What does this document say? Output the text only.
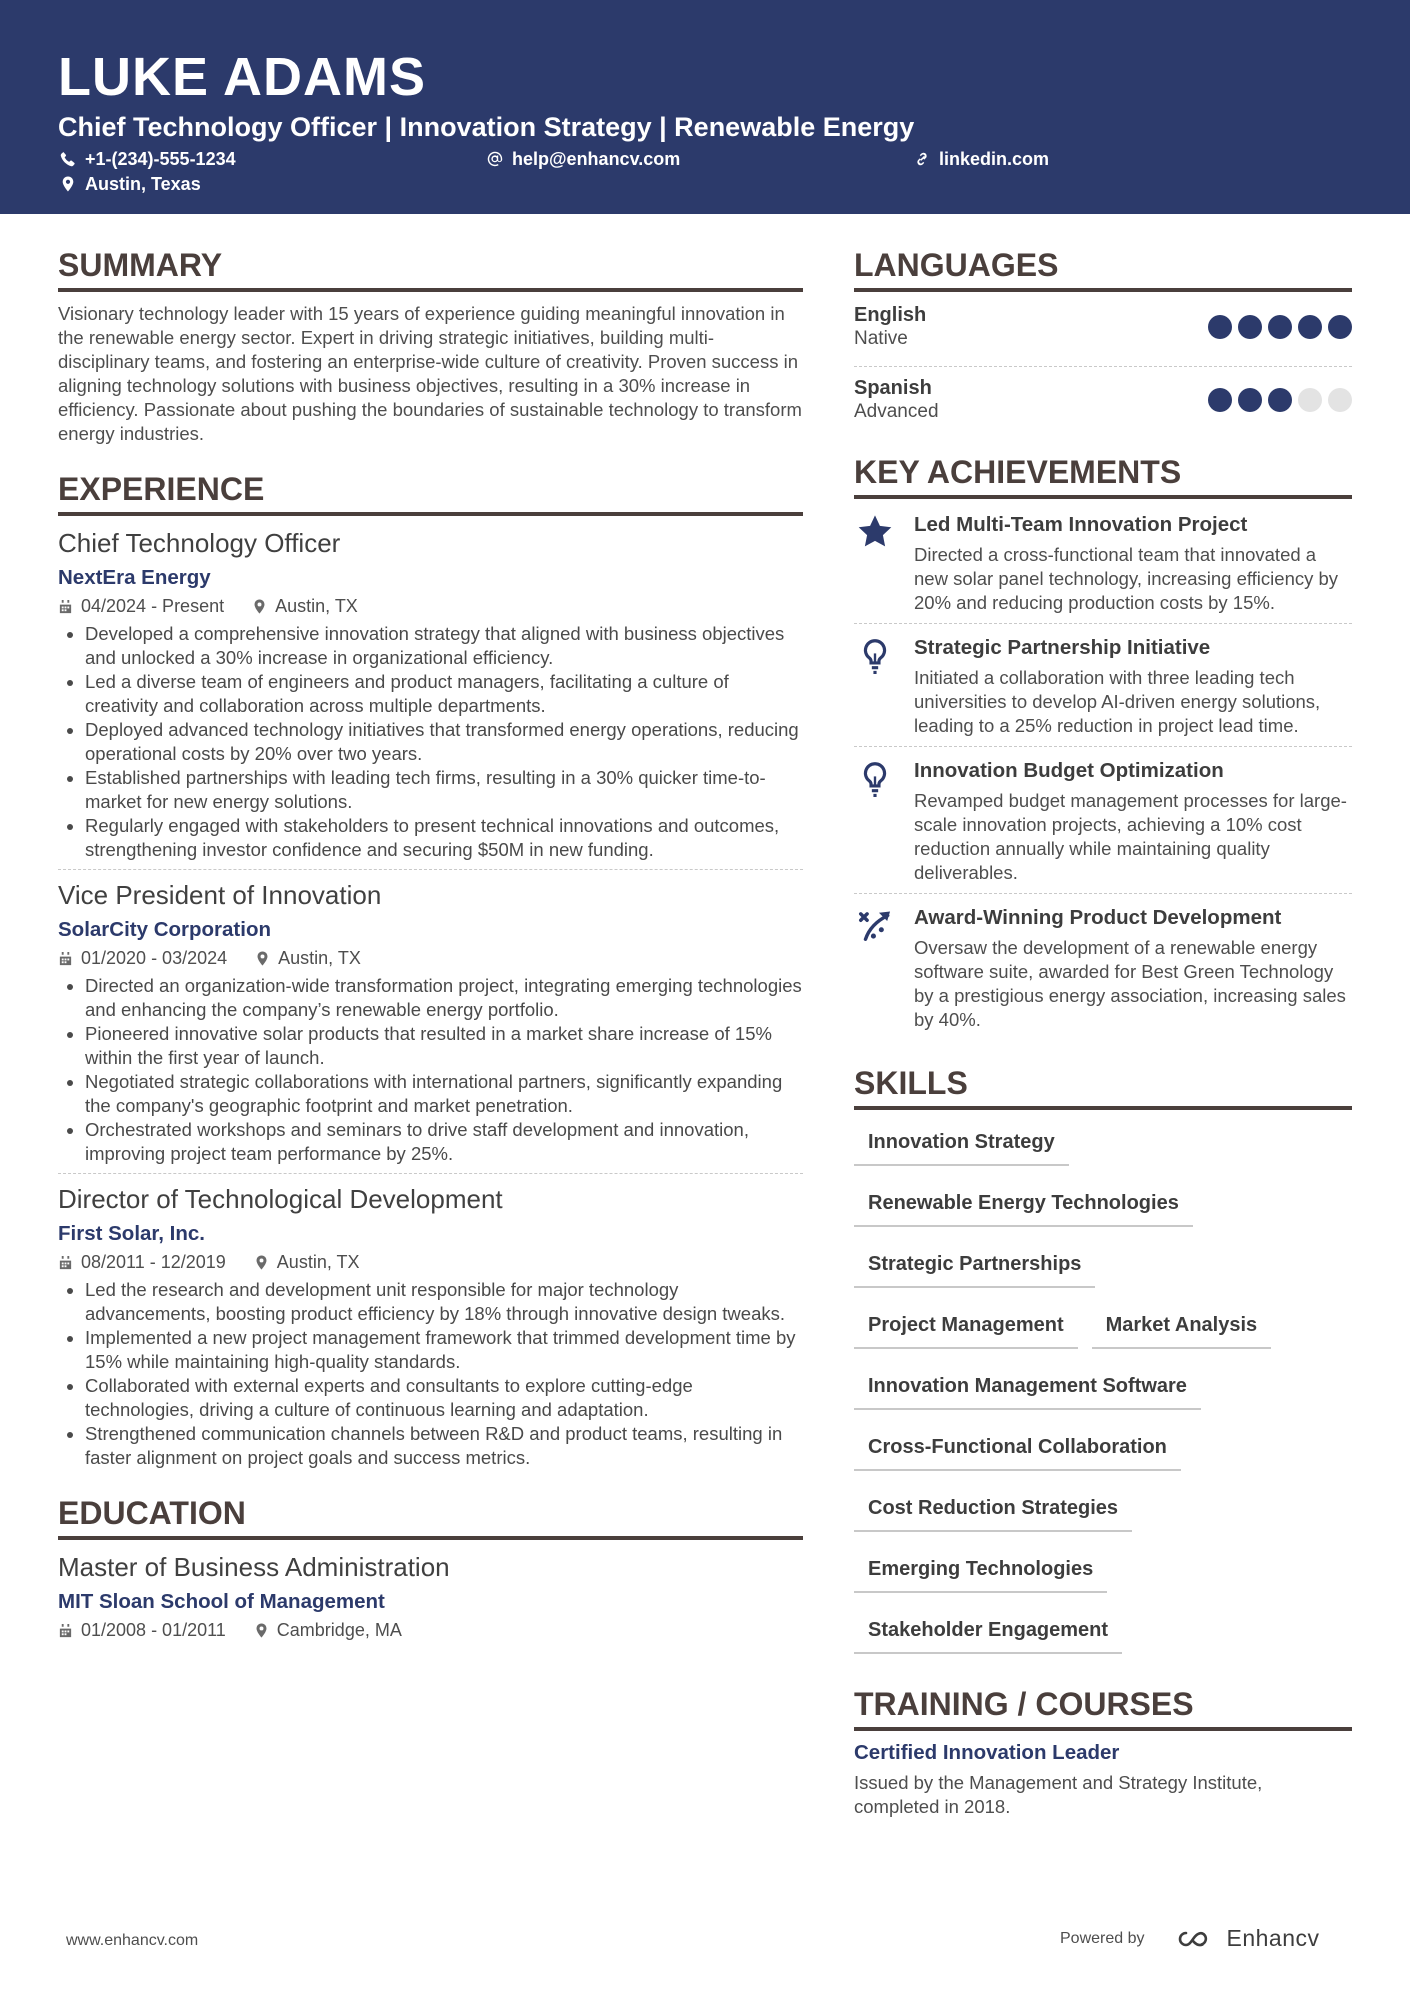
LUKE ADAMS
Chief Technology Officer | Innovation Strategy | Renewable Energy
+1-(234)-555-1234	help@enhancv.com	linkedin.com
Austin, Texas
SUMMARY

Visionary technology leader with 15 years of experience guiding meaningful innovation in the renewable energy sector. Expert in driving strategic initiatives, building multi-disciplinary teams, and fostering an enterprise-wide culture of creativity. Proven success in aligning technology solutions with business objectives, resulting in a 30% increase in efficiency. Passionate about pushing the boundaries of sustainable technology to transform energy industries.

EXPERIENCE
Chief Technology Officer
NextEra Energy
04/2024 - Present	Austin, TX
Developed a comprehensive innovation strategy that aligned with business objectives and unlocked a 30% increase in organizational efficiency.
Led a diverse team of engineers and product managers, facilitating a culture of creativity and collaboration across multiple departments.
Deployed advanced technology initiatives that transformed energy operations, reducing operational costs by 20% over two years.
Established partnerships with leading tech firms, resulting in a 30% quicker time-to-market for new energy solutions.
Regularly engaged with stakeholders to present technical innovations and outcomes, strengthening investor confidence and securing $50M in new funding.
Vice President of Innovation
SolarCity Corporation
01/2020 - 03/2024	Austin, TX
Directed an organization-wide transformation project, integrating emerging technologies and enhancing the company’s renewable energy portfolio.
Pioneered innovative solar products that resulted in a market share increase of 15% within the first year of launch.
Negotiated strategic collaborations with international partners, significantly expanding the company's geographic footprint and market penetration.
Orchestrated workshops and seminars to drive staff development and innovation, improving project team performance by 25%.
Director of Technological Development
First Solar, Inc.
08/2011 - 12/2019	Austin, TX
Led the research and development unit responsible for major technology advancements, boosting product efficiency by 18% through innovative design tweaks.
Implemented a new project management framework that trimmed development time by 15% while maintaining high-quality standards.
Collaborated with external experts and consultants to explore cutting-edge technologies, driving a culture of continuous learning and adaptation.
Strengthened communication channels between R&D and product teams, resulting in faster alignment on project goals and success metrics.
EDUCATION
Master of Business Administration
MIT Sloan School of Management
01/2008 - 01/2011	Cambridge, MA
LANGUAGES
English
Native
Spanish
Advanced
KEY ACHIEVEMENTS
Led Multi-Team Innovation Project
Directed a cross-functional team that innovated a new solar panel technology, increasing efficiency by 20% and reducing production costs by 15%.
Strategic Partnership Initiative
Initiated a collaboration with three leading tech universities to develop AI-driven energy solutions, leading to a 25% reduction in project lead time.
Innovation Budget Optimization
Revamped budget management processes for large-scale innovation projects, achieving a 10% cost reduction annually while maintaining quality deliverables.
Award-Winning Product Development
Oversaw the development of a renewable energy software suite, awarded for Best Green Technology by a prestigious energy association, increasing sales by 40%.
SKILLS
Innovation Strategy
Renewable Energy Technologies
Strategic Partnerships
Project Management	Market Analysis
Innovation Management Software
Cross-Functional Collaboration
Cost Reduction Strategies
Emerging Technologies
Stakeholder Engagement
TRAINING / COURSES
Certified Innovation Leader
Issued by the Management and Strategy Institute, completed in 2018.
www.enhancv.com	Powered by	Enhancv
